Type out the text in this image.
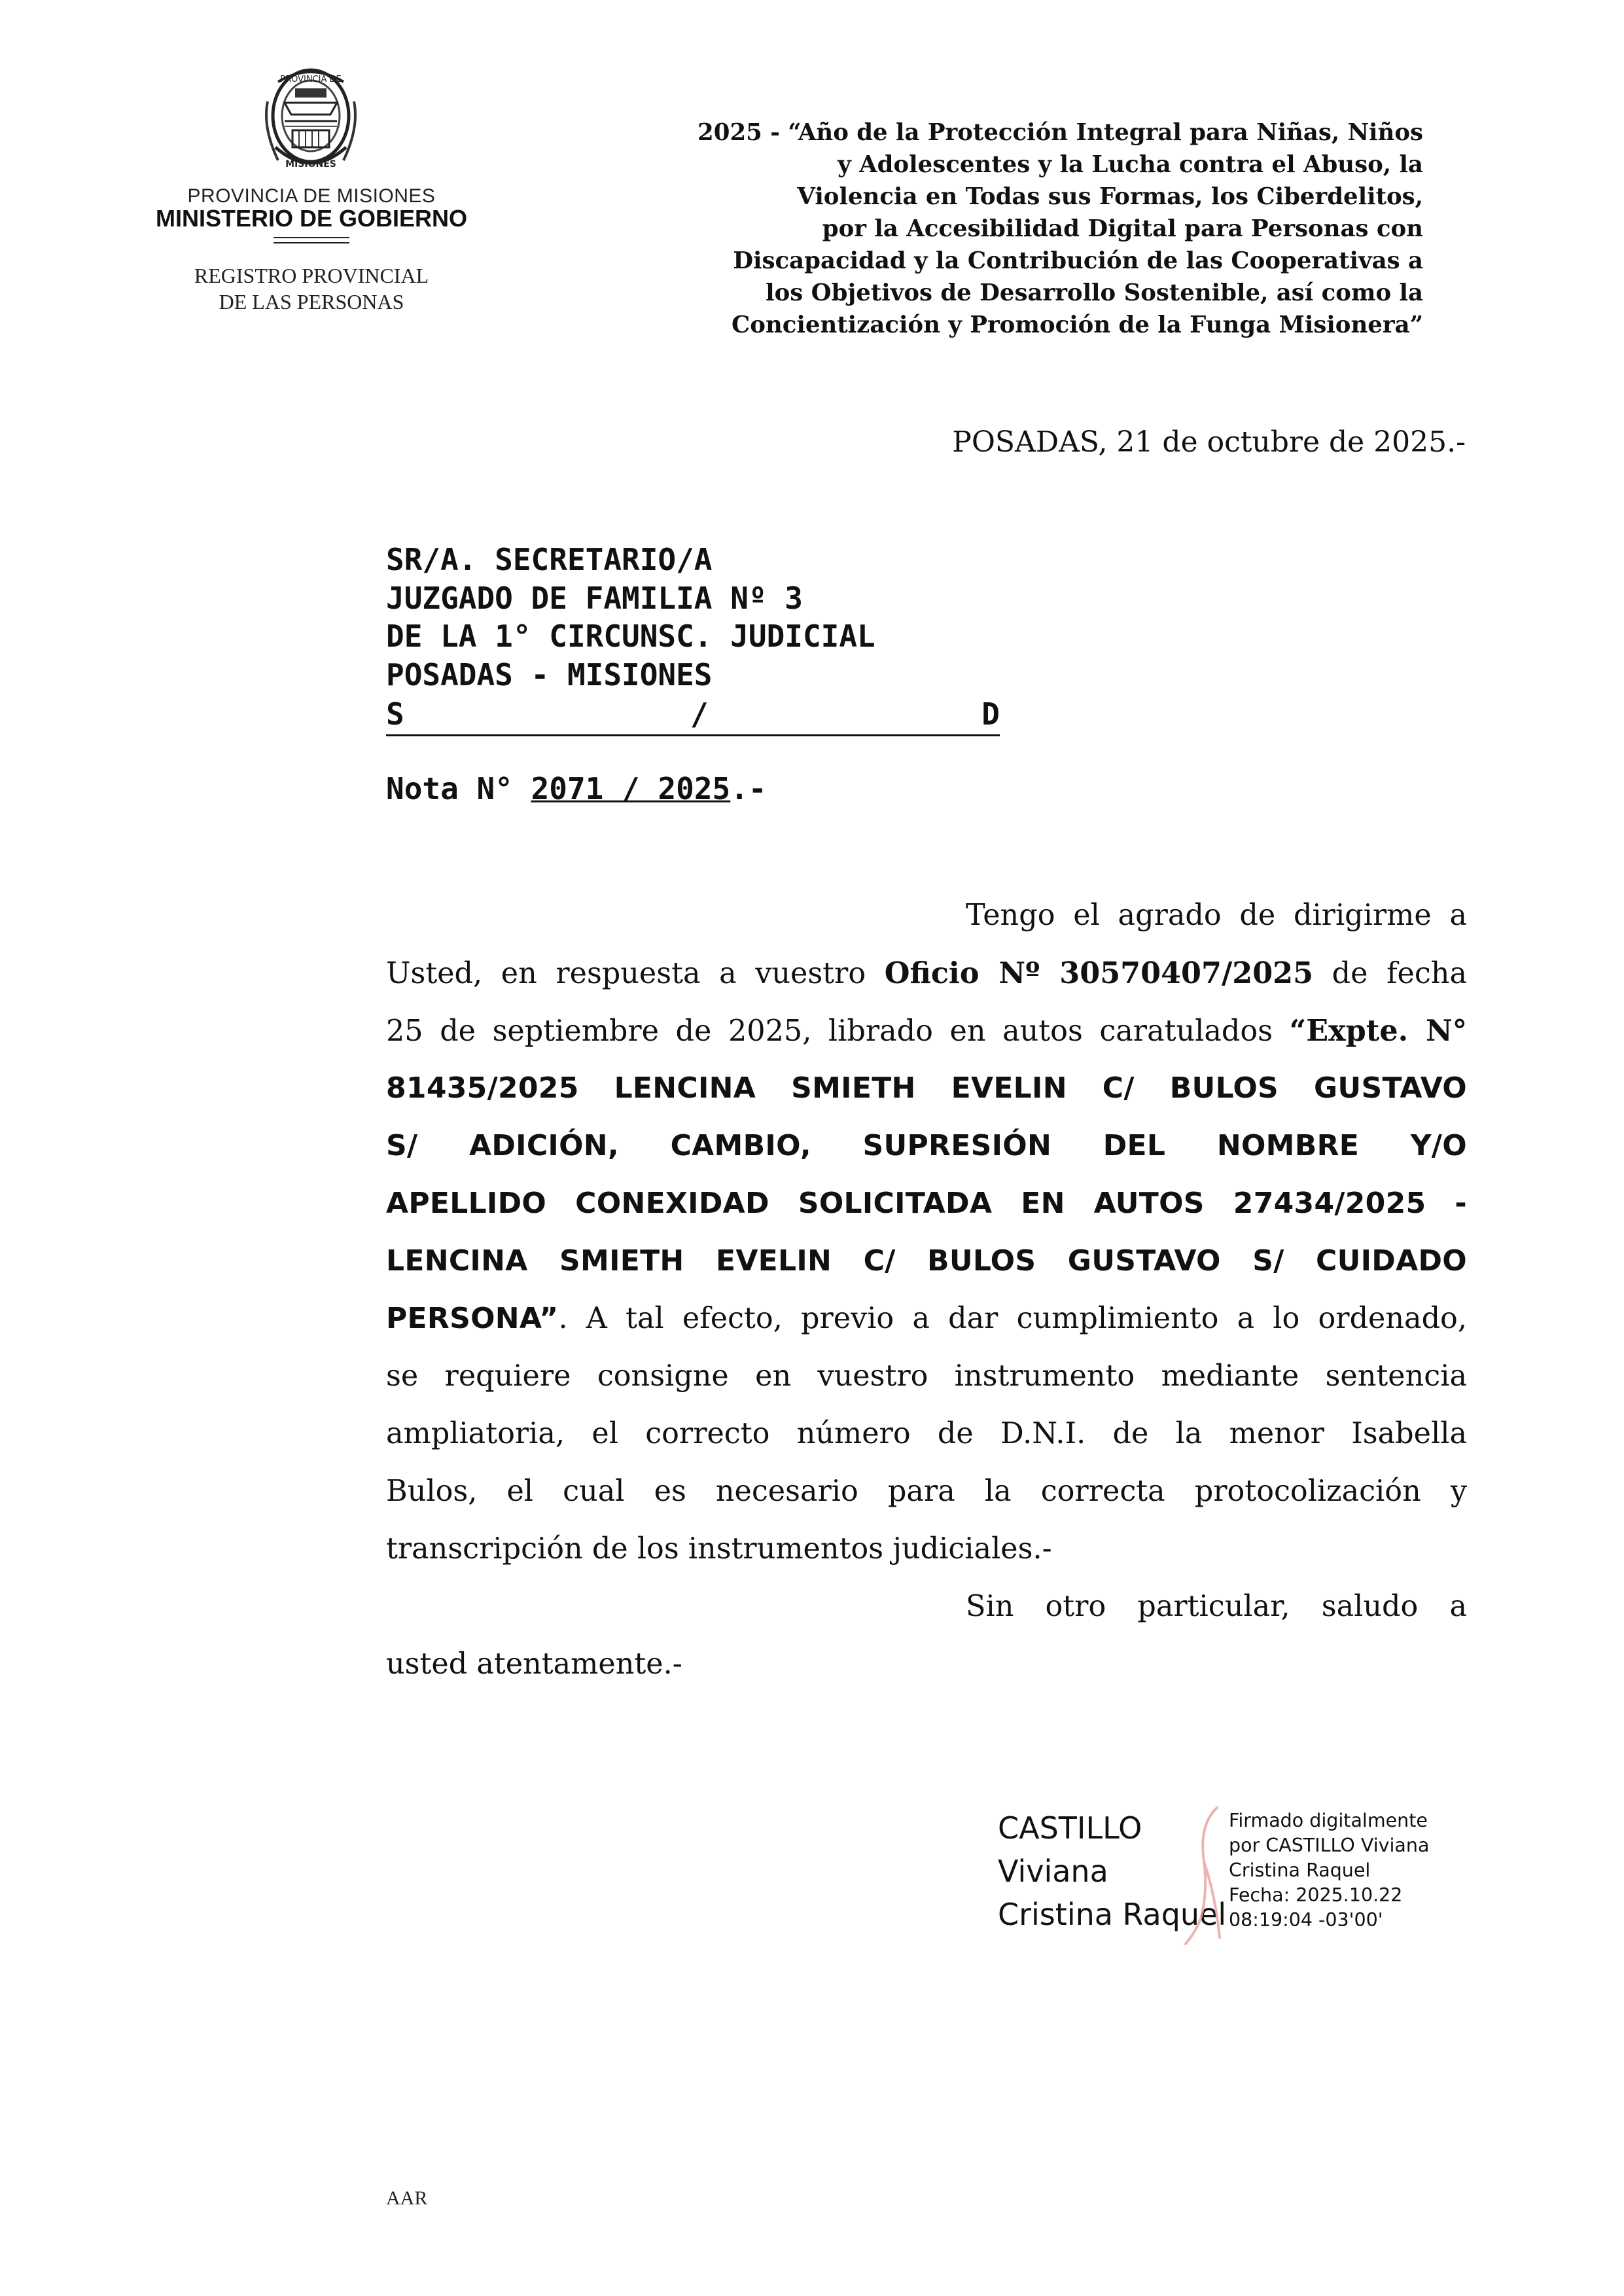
PROVINCIA DE
MISIONES
PROVINCIA DE MISIONES
MINISTERIO DE GOBIERNO
REGISTRO PROVINCIAL
DE LAS PERSONAS
2025 - “Año de la Protección Integral para Niñas, Niños
y Adolescentes y la Lucha contra el Abuso, la
Violencia en Todas sus Formas, los Ciberdelitos,
por la Accesibilidad Digital para Personas con
Discapacidad y la Contribución de las Cooperativas a
los Objetivos de Desarrollo Sostenible, así como la
Concientización y Promoción de la Funga Misionera”
POSADAS, 21 de octubre de 2025.-
SR/A. SECRETARIO/A
JUZGADO DE FAMILIA Nº 3
DE LA 1° CIRCUNSC. JUDICIAL
POSADAS - MISIONES
S	/	D
Nota N° 2071 / 2025.-
Tengo el agrado de dirigirme a
Usted, en respuesta a vuestro Oficio Nº 30570407/2025 de fecha
25 de septiembre de 2025, librado en autos caratulados “Expte. N°
81435/2025 LENCINA SMIETH EVELIN C/ BULOS GUSTAVO
S/ ADICIÓN, CAMBIO, SUPRESIÓN DEL NOMBRE Y/O
APELLIDO CONEXIDAD SOLICITADA EN AUTOS 27434/2025 -
LENCINA SMIETH EVELIN C/ BULOS GUSTAVO S/ CUIDADO
PERSONA”. A tal efecto, previo a dar cumplimiento a lo ordenado,
se requiere consigne en vuestro instrumento mediante sentencia
ampliatoria, el correcto número de D.N.I. de la menor Isabella
Bulos, el cual es necesario para la correcta protocolización y
transcripción de los instrumentos judiciales.-
Sin otro particular, saludo a
usted atentamente.-
CASTILLO
Viviana
Cristina Raquel
Firmado digitalmente
por CASTILLO Viviana
Cristina Raquel
Fecha: 2025.10.22
08:19:04 -03'00'
AAR
